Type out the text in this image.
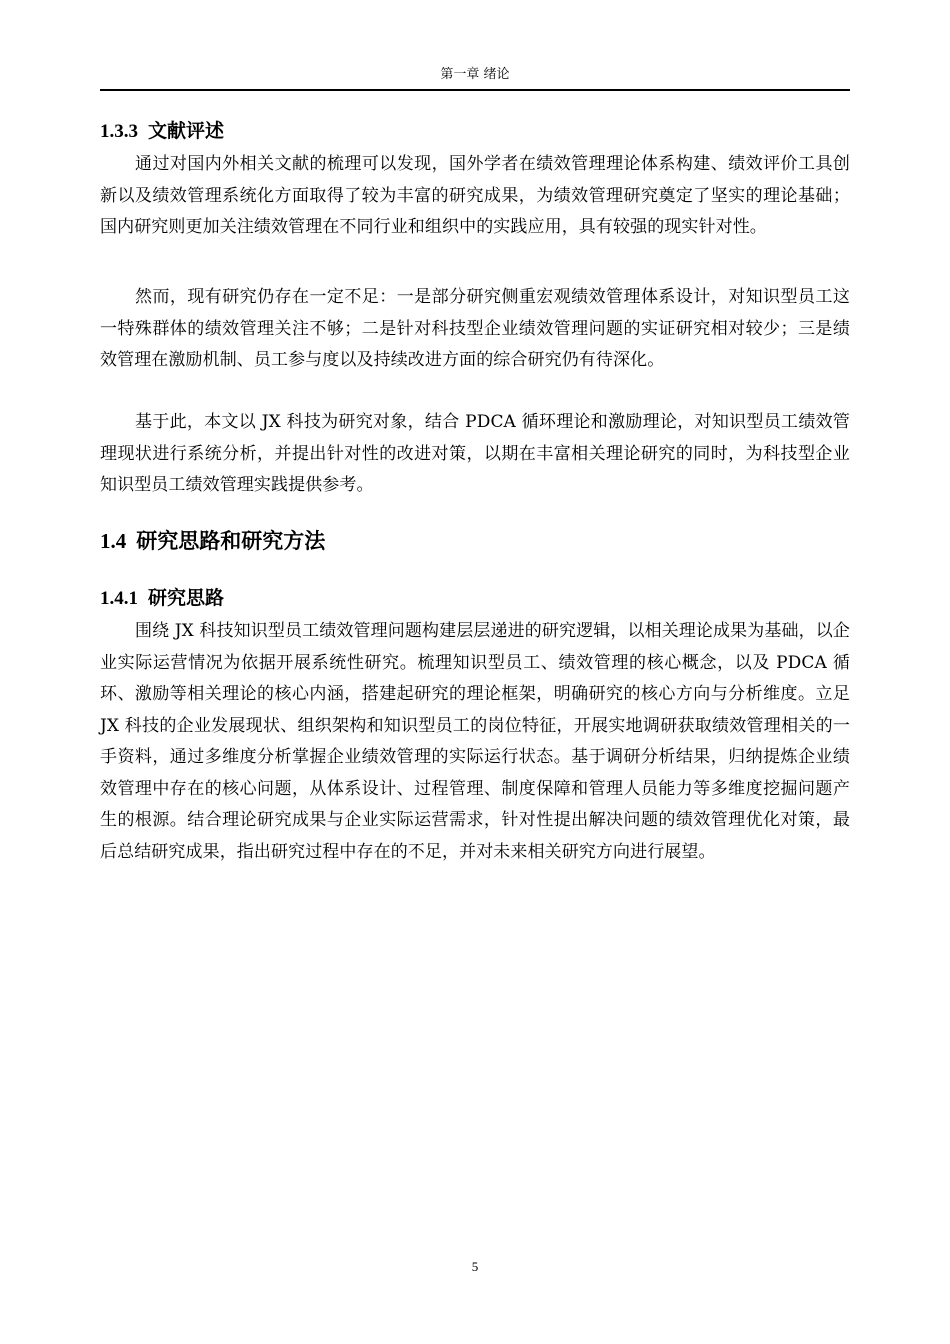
第一章 绪论
1.3.3 文献评述

通过对国内外相关文献的梳理可以发现，国外学者在绩效管理理论体系构建、绩效评价工具创新以及绩效管理系统化方面取得了较为丰富的研究成果，为绩效管理研究奠定了坚实的理论基础；国内研究则更加关注绩效管理在不同行业和组织中的实践应用，具有较强的现实针对性。

然而，现有研究仍存在一定不足：一是部分研究侧重宏观绩效管理体系设计，对知识型员工这一特殊群体的绩效管理关注不够；二是针对科技型企业绩效管理问题的实证研究相对较少；三是绩效管理在激励机制、员工参与度以及持续改进方面的综合研究仍有待深化。

基于此，本文以 JX 科技为研究对象，结合 PDCA 循环理论和激励理论，对知识型员工绩效管理现状进行系统分析，并提出针对性的改进对策，以期在丰富相关理论研究的同时，为科技型企业知识型员工绩效管理实践提供参考。

1.4 研究思路和研究方法
1.4.1 研究思路

围绕 JX 科技知识型员工绩效管理问题构建层层递进的研究逻辑，以相关理论成果为基础，以企业实际运营情况为依据开展系统性研究。梳理知识型员工、绩效管理的核心概念，以及 PDCA 循环、激励等相关理论的核心内涵，搭建起研究的理论框架，明确研究的核心方向与分析维度。立足 JX 科技的企业发展现状、组织架构和知识型员工的岗位特征，开展实地调研获取绩效管理相关的一手资料，通过多维度分析掌握企业绩效管理的实际运行状态。基于调研分析结果，归纳提炼企业绩效管理中存在的核心问题，从体系设计、过程管理、制度保障和管理人员能力等多维度挖掘问题产生的根源。结合理论研究成果与企业实际运营需求，针对性提出解决问题的绩效管理优化对策，最后总结研究成果，指出研究过程中存在的不足，并对未来相关研究方向进行展望。

5
